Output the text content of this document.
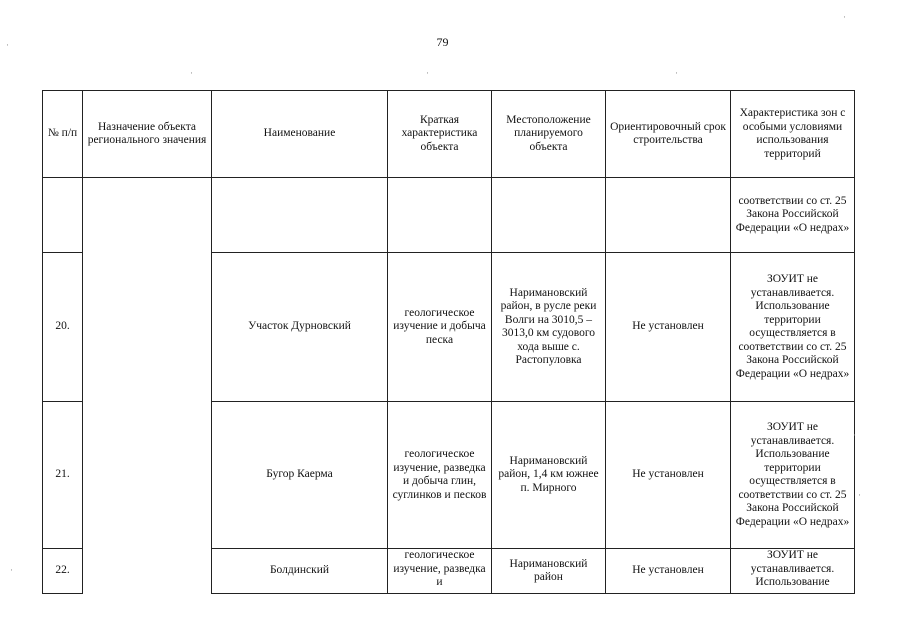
79
№ п/п	Назначение объекта регионального значения	Наименование	Краткая характеристика объекта	Местоположение планируемого объекта	Ориентировочный срок строительства	Характеристика зон с особыми условиями использования территорий
						соответствии со ст. 25 Закона Российской Федерации «О недрах»
20.		Участок Дурновский	геологическое изучение и добыча песка	Наримановский район, в русле реки Волги на 3010,5 – 3013,0 км судового хода выше с. Растопуловка	Не установлен	ЗОУИТ не устанавливается. Использование территории осуществляется в соответствии со ст. 25 Закона Российской Федерации «О недрах»
21.		Бугор Каерма	геологическое изучение, разведка и добыча глин, суглинков и песков	Наримановский район, 1,4 км южнее п. Мирного	Не установлен	ЗОУИТ не устанавливается. Использование территории осуществляется в соответствии со ст. 25 Закона Российской Федерации «О недрах»
22.		Болдинский	геологическое изучение, разведка и	Наримановский район	Не установлен	ЗОУИТ не устанавливается. Использование
·
·	·	·
·
·
·
·
